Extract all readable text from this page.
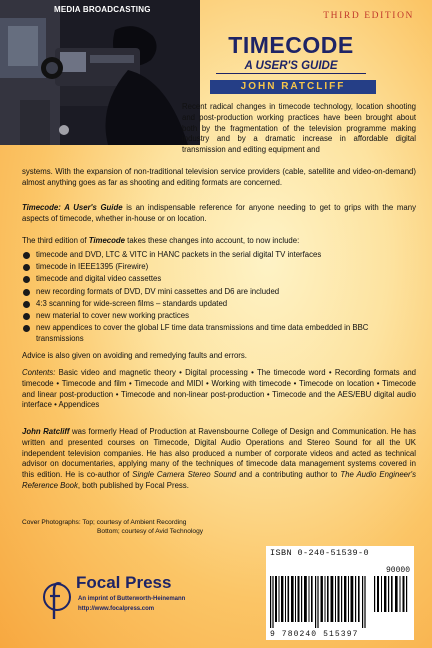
MEDIA BROADCASTING
THIRD EDITION
TIMECODE
A USER'S GUIDE
JOHN RATCLIFF
Recent radical changes in timecode technology, location shooting and post-production working practices have been brought about both by the fragmentation of the television programme making industry and by a dramatic increase in affordable digital transmission and editing equipment and
systems. With the expansion of non-traditional television service providers (cable, satellite and video-on-demand) almost anything goes as far as shooting and editing formats are concerned.
Timecode: A User's Guide is an indispensable reference for anyone needing to get to grips with the many aspects of timecode, whether in-house or on location.
The third edition of Timecode takes these changes into account, to now include:
timecode and DVD, LTC & VITC in HANC packets in the serial digital TV interfaces
timecode in IEEE1395 (Firewire)
timecode and digital video cassettes
new recording formats of DVD, DV mini cassettes and D6 are included
4:3 scanning for wide-screen films – standards updated
new material to cover new working practices
new appendices to cover the global LF time data transmissions and time data embedded in BBC transmissions
Advice is also given on avoiding and remedying faults and errors.
Contents: Basic video and magnetic theory • Digital processing • The timecode word • Recording formats and timecode • Timecode and film • Timecode and MIDI • Working with timecode • Timecode on location • Timecode and linear post-production • Timecode and non-linear post-production • Timecode and the AES/EBU digital audio interface • Appendices
John Ratcliff was formerly Head of Production at Ravensbourne College of Design and Communication. He has written and presented courses on Timecode, Digital Audio Operations and Stereo Sound for all the UK independent television companies. He has also produced a number of corporate videos and acted as technical advisor on documentaries, applying many of the techniques of timecode data management systems covered in this edition. He is co-author of Single Camera Stereo Sound and a contributing author to The Audio Engineer's Reference Book, both published by Focal Press.
Cover Photographs: Top; courtesy of Ambient Recording
Bottom; courtesy of Avid Technology
ISBN 0-240-51539-0
90000
9 780240 515397
Focal Press
An imprint of Butterworth-Heinemann
http://www.focalpress.com
